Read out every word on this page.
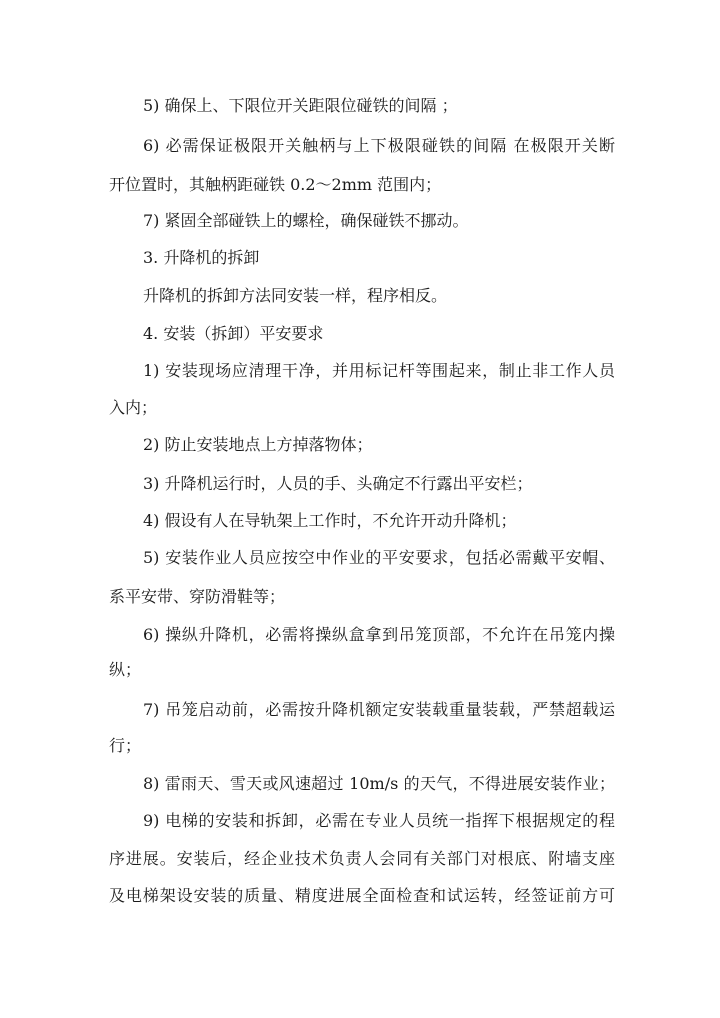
5) 确保上、下限位开关距限位碰铁的间隔 ；
6) 必需保证极限开关触柄与上下极限碰铁的间隔 在极限开关断
开位置时，其触柄距碰铁 0.2～2mm 范围内；
7) 紧固全部碰铁上的螺栓，确保碰铁不挪动。
3. 升降机的拆卸
升降机的拆卸方法同安装一样，程序相反。
4. 安装（拆卸）平安要求
1) 安装现场应清理干净，并用标记杆等围起来，制止非工作人员
入内；
2) 防止安装地点上方掉落物体；
3) 升降机运行时，人员的手、头确定不行露出平安栏；
4) 假设有人在导轨架上工作时，不允许开动升降机；
5) 安装作业人员应按空中作业的平安要求，包括必需戴平安帽、
系平安带、穿防滑鞋等；
6) 操纵升降机，必需将操纵盒拿到吊笼顶部，不允许在吊笼内操
纵；
7) 吊笼启动前，必需按升降机额定安装载重量装载，严禁超载运
行；
8) 雷雨天、雪天或风速超过 10m/s 的天气，不得进展安装作业；
9) 电梯的安装和拆卸，必需在专业人员统一指挥下根据规定的程
序进展。安装后，经企业技术负责人会同有关部门对根底、附墙支座
及电梯架设安装的质量、精度进展全面检查和试运转，经签证前方可
